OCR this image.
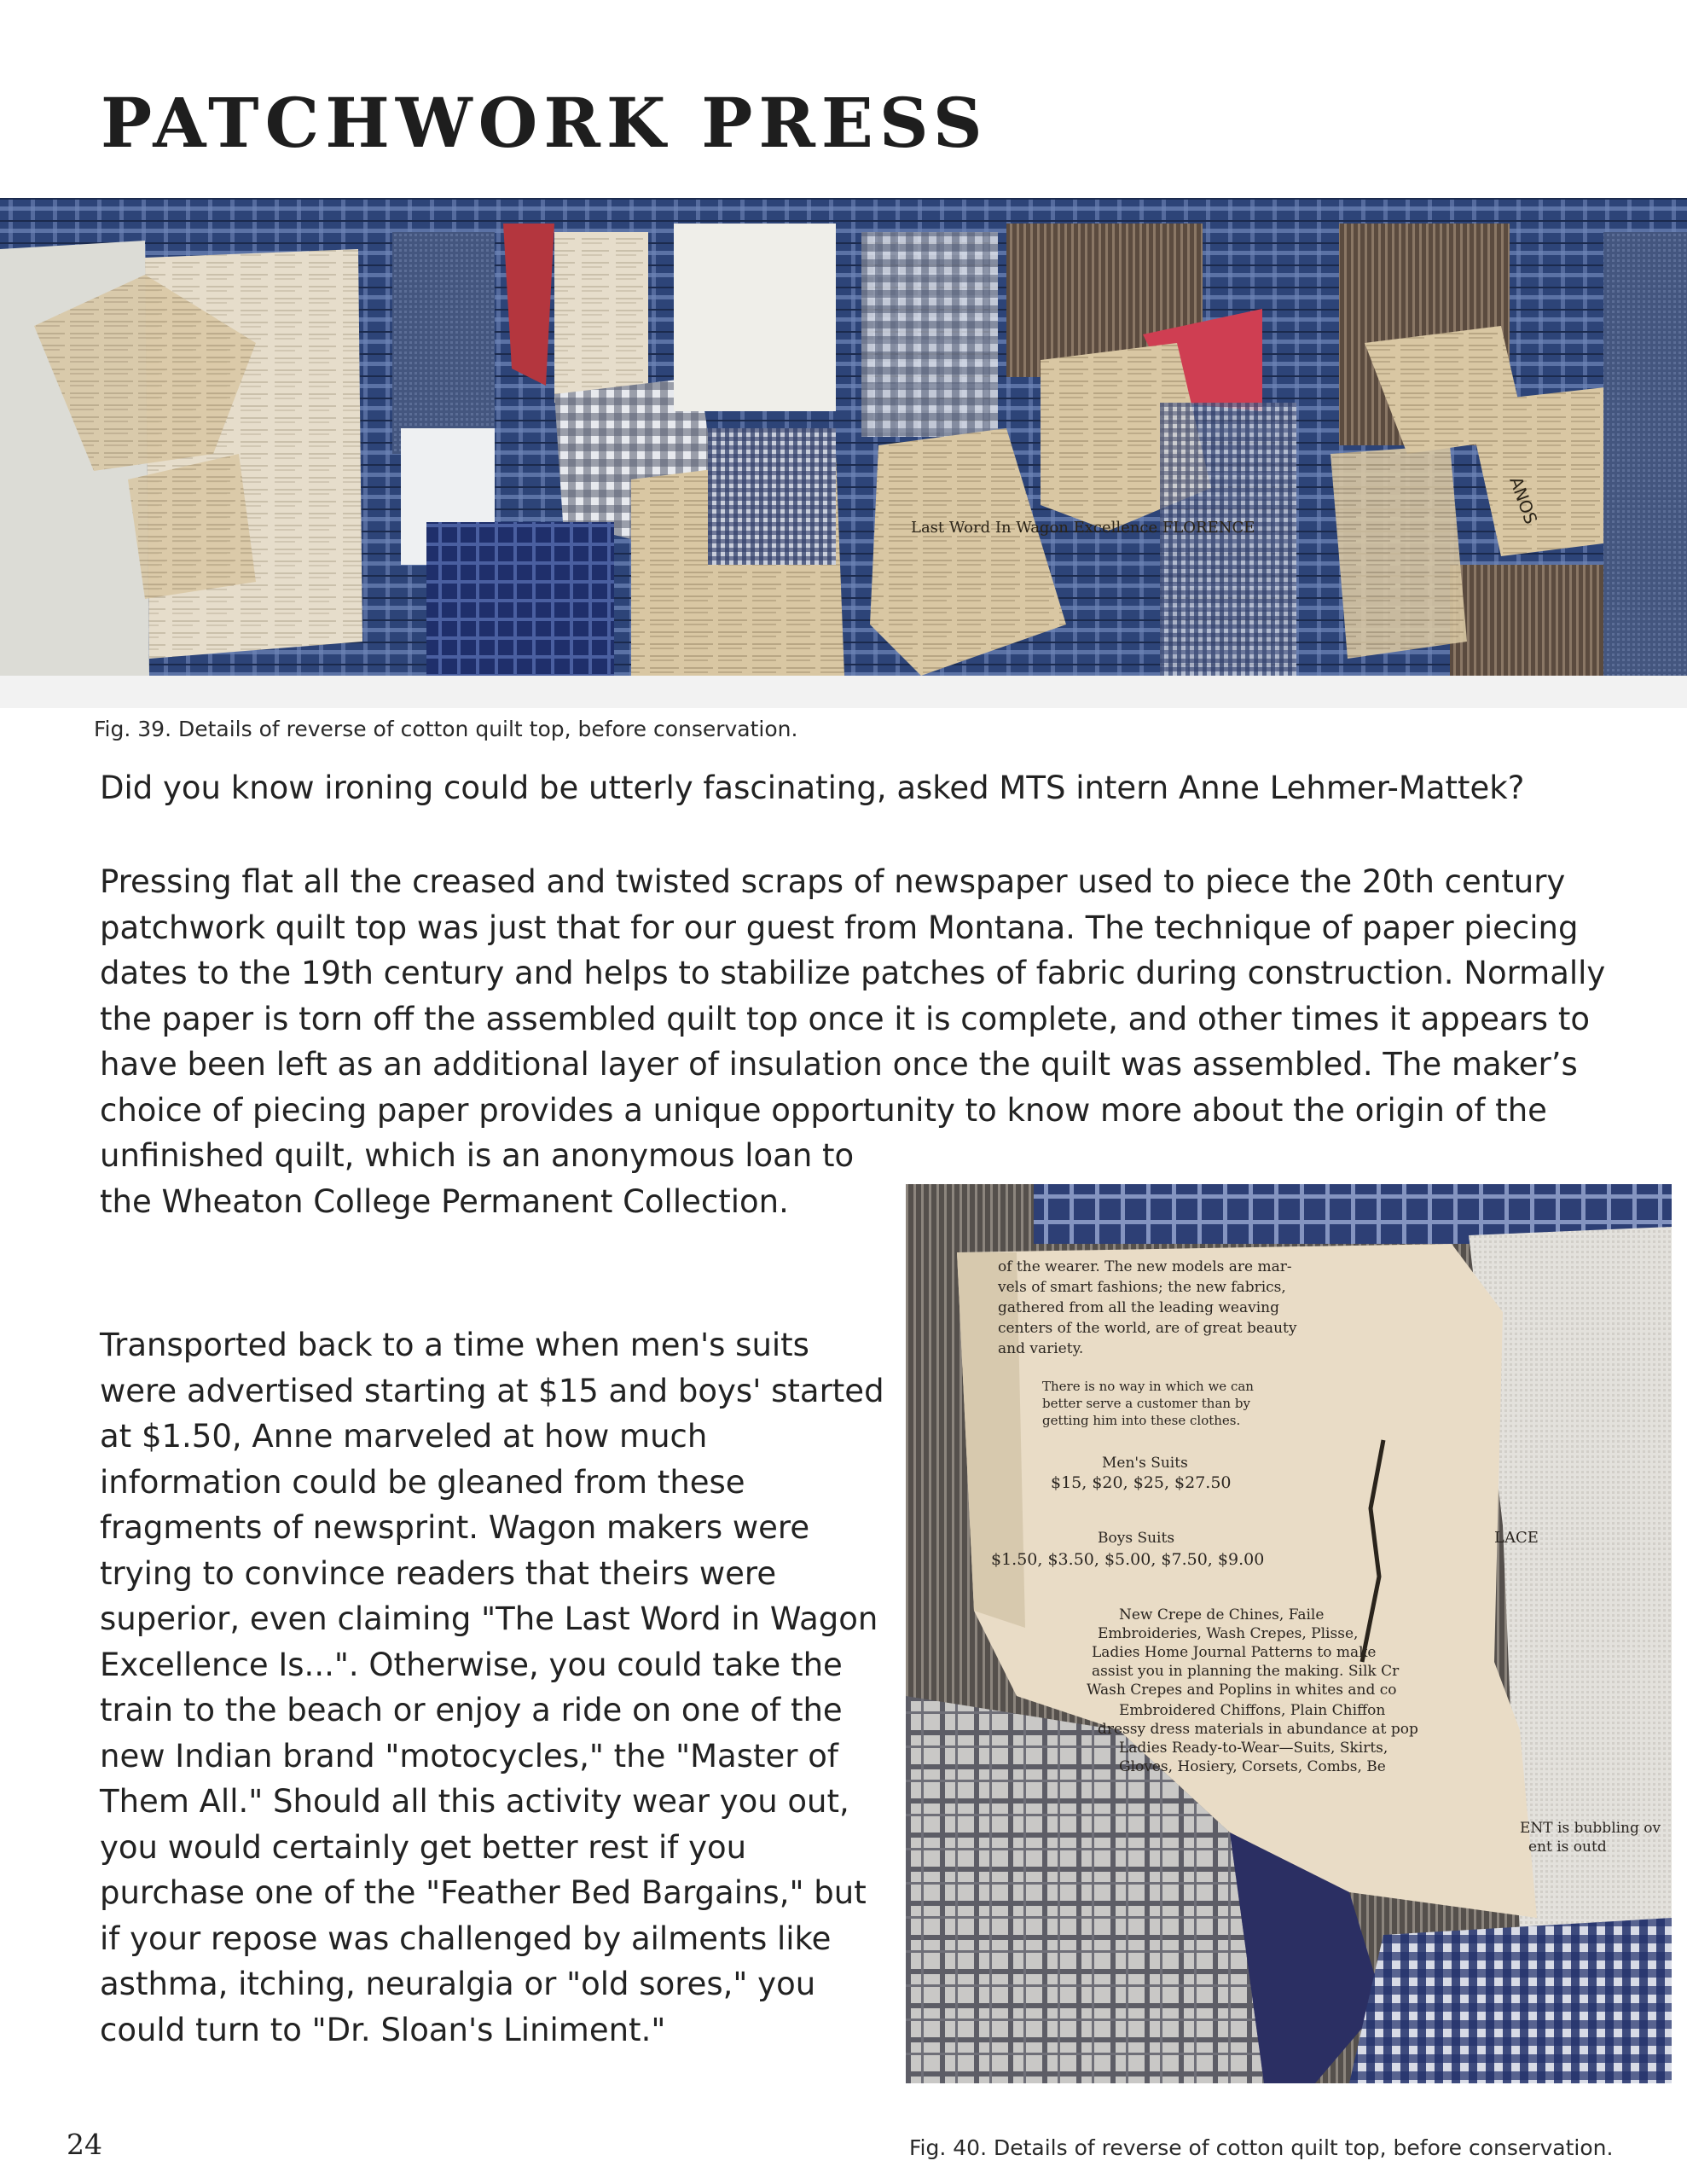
PATCHWORK PRESS
Last Word In Wagon Excellence FLORENCE
ANOS

Fig. 39. Details of reverse of cotton quilt top, before conservation.

Did you know ironing could be utterly fascinating, asked MTS intern Anne Lehmer-Mattek?

Pressing flat all the creased and twisted scraps of newspaper used to piece the 20th century patchwork quilt top was just that for our guest from Montana. The technique of paper piecing dates to the 19th century and helps to stabilize patches of fabric during construction. Normally the paper is torn off the assembled quilt top once it is complete, and other times it appears to have been left as an additional layer of insulation once the quilt was assembled. The maker’s choice of piecing paper provides a unique opportunity to know more about the origin of the

unfinished quilt, which is an anonymous loan to the Wheaton College Permanent Collection.

Transported back to a time when men's suits were advertised starting at $15 and boys' started at $1.50, Anne marveled at how much information could be gleaned from these fragments of newsprint. Wagon makers were trying to convince readers that theirs were superior, even claiming "The Last Word in Wagon Excellence Is...". Otherwise, you could take the train to the beach or enjoy a ride on one of the new Indian brand "motocycles," the "Master of Them All." Should all this activity wear you out, you would certainly get better rest if you purchase one of the "Feather Bed Bargains," but if your repose was challenged by ailments like asthma, itching, neuralgia or "old sores," you could turn to "Dr. Sloan's Liniment."

of the wearer. The new models are mar-
vels of smart fashions; the new fabrics,
gathered from all the leading weaving
centers of the world, are of great beauty
and variety.
There is no way in which we can
better serve a customer than by
getting him into these clothes.
Men's Suits
$15, $20, $25, $27.50
Boys Suits
$1.50, $3.50, $5.00, $7.50, $9.00
LACE
New Crepe de Chines, Faile
Embroideries, Wash Crepes, Plisse,
Ladies Home Journal Patterns to make
assist you in planning the making. Silk Cr
Wash Crepes and Poplins in whites and co
Embroidered Chiffons, Plain Chiffon
dressy dress materials in abundance at pop
Ladies Ready-to-Wear—Suits, Skirts,
Gloves, Hosiery, Corsets, Combs, Be
ENT is bubbling ov
ent is outd

Fig. 40. Details of reverse of cotton quilt top, before conservation.

24
